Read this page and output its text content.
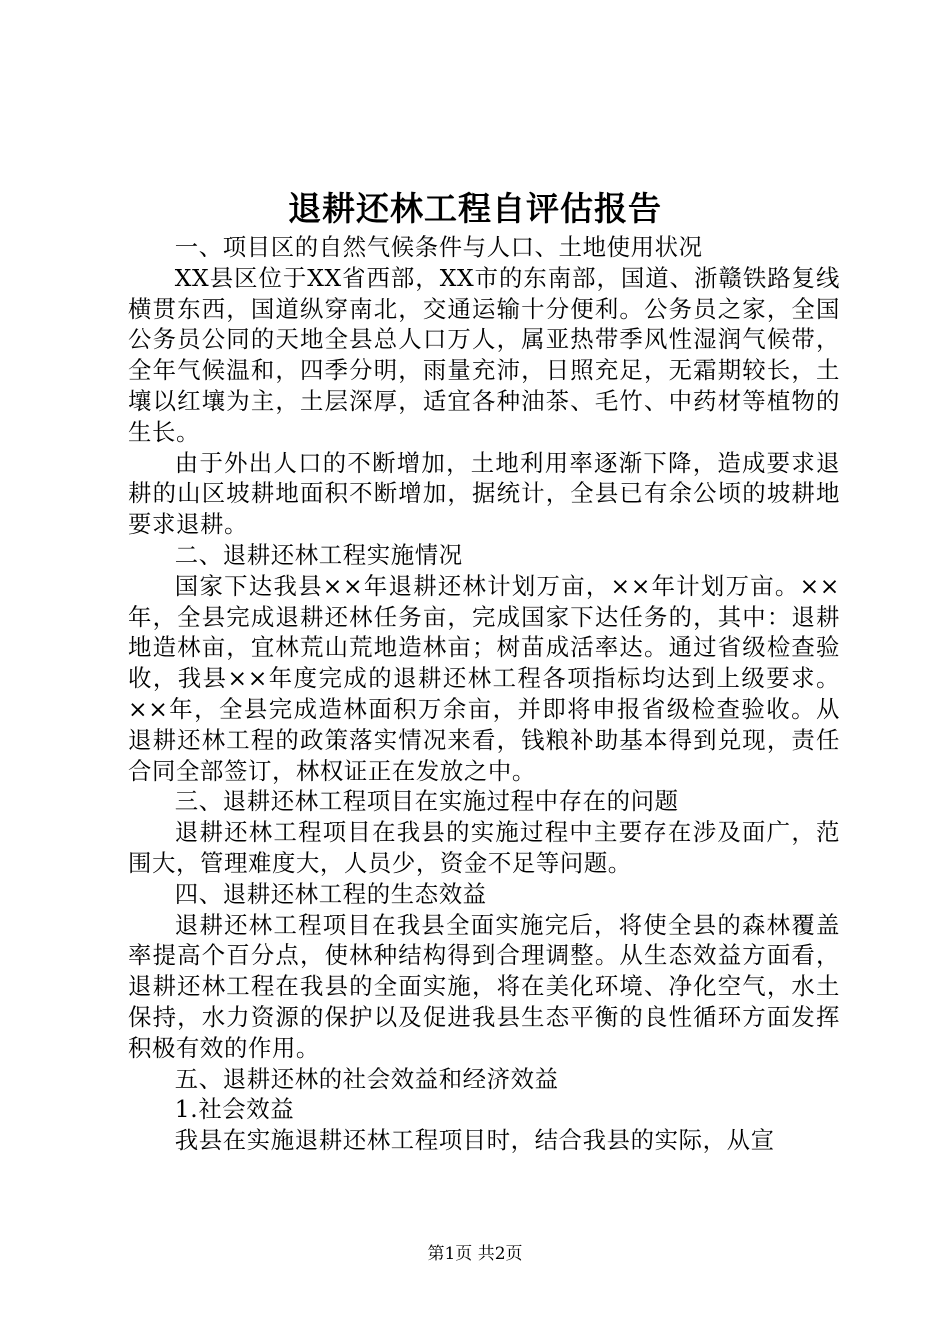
退耕还林工程自评估报告

一、项目区的自然气候条件与人口、土地使用状况

XX县区位于XX省西部，XX市的东南部，国道、浙赣铁路复线横贯东西，国道纵穿南北，交通运输十分便利。公务员之家，全国公务员公同的天地全县总人口万人，属亚热带季风性湿润气候带，全年气候温和，四季分明，雨量充沛，日照充足，无霜期较长，土壤以红壤为主，土层深厚，适宜各种油茶、毛竹、中药材等植物的生长。

由于外出人口的不断增加，土地利用率逐渐下降，造成要求退耕的山区坡耕地面积不断增加，据统计，全县已有余公顷的坡耕地要求退耕。

二、退耕还林工程实施情况

国家下达我县××年退耕还林计划万亩，××年计划万亩。××年，全县完成退耕还林任务亩，完成国家下达任务的，其中：退耕地造林亩，宜林荒山荒地造林亩；树苗成活率达。通过省级检查验收，我县××年度完成的退耕还林工程各项指标均达到上级要求。××年，全县完成造林面积万余亩，并即将申报省级检查验收。从退耕还林工程的政策落实情况来看，钱粮补助基本得到兑现，责任合同全部签订，林权证正在发放之中。

三、退耕还林工程项目在实施过程中存在的问题

退耕还林工程项目在我县的实施过程中主要存在涉及面广，范围大，管理难度大，人员少，资金不足等问题。

四、退耕还林工程的生态效益

退耕还林工程项目在我县全面实施完后，将使全县的森林覆盖率提高个百分点，使林种结构得到合理调整。从生态效益方面看，退耕还林工程在我县的全面实施，将在美化环境、净化空气，水土保持，水力资源的保护以及促进我县生态平衡的良性循环方面发挥积极有效的作用。

五、退耕还林的社会效益和经济效益

1.社会效益

我县在实施退耕还林工程项目时，结合我县的实际，从宣

第1页 共2页
